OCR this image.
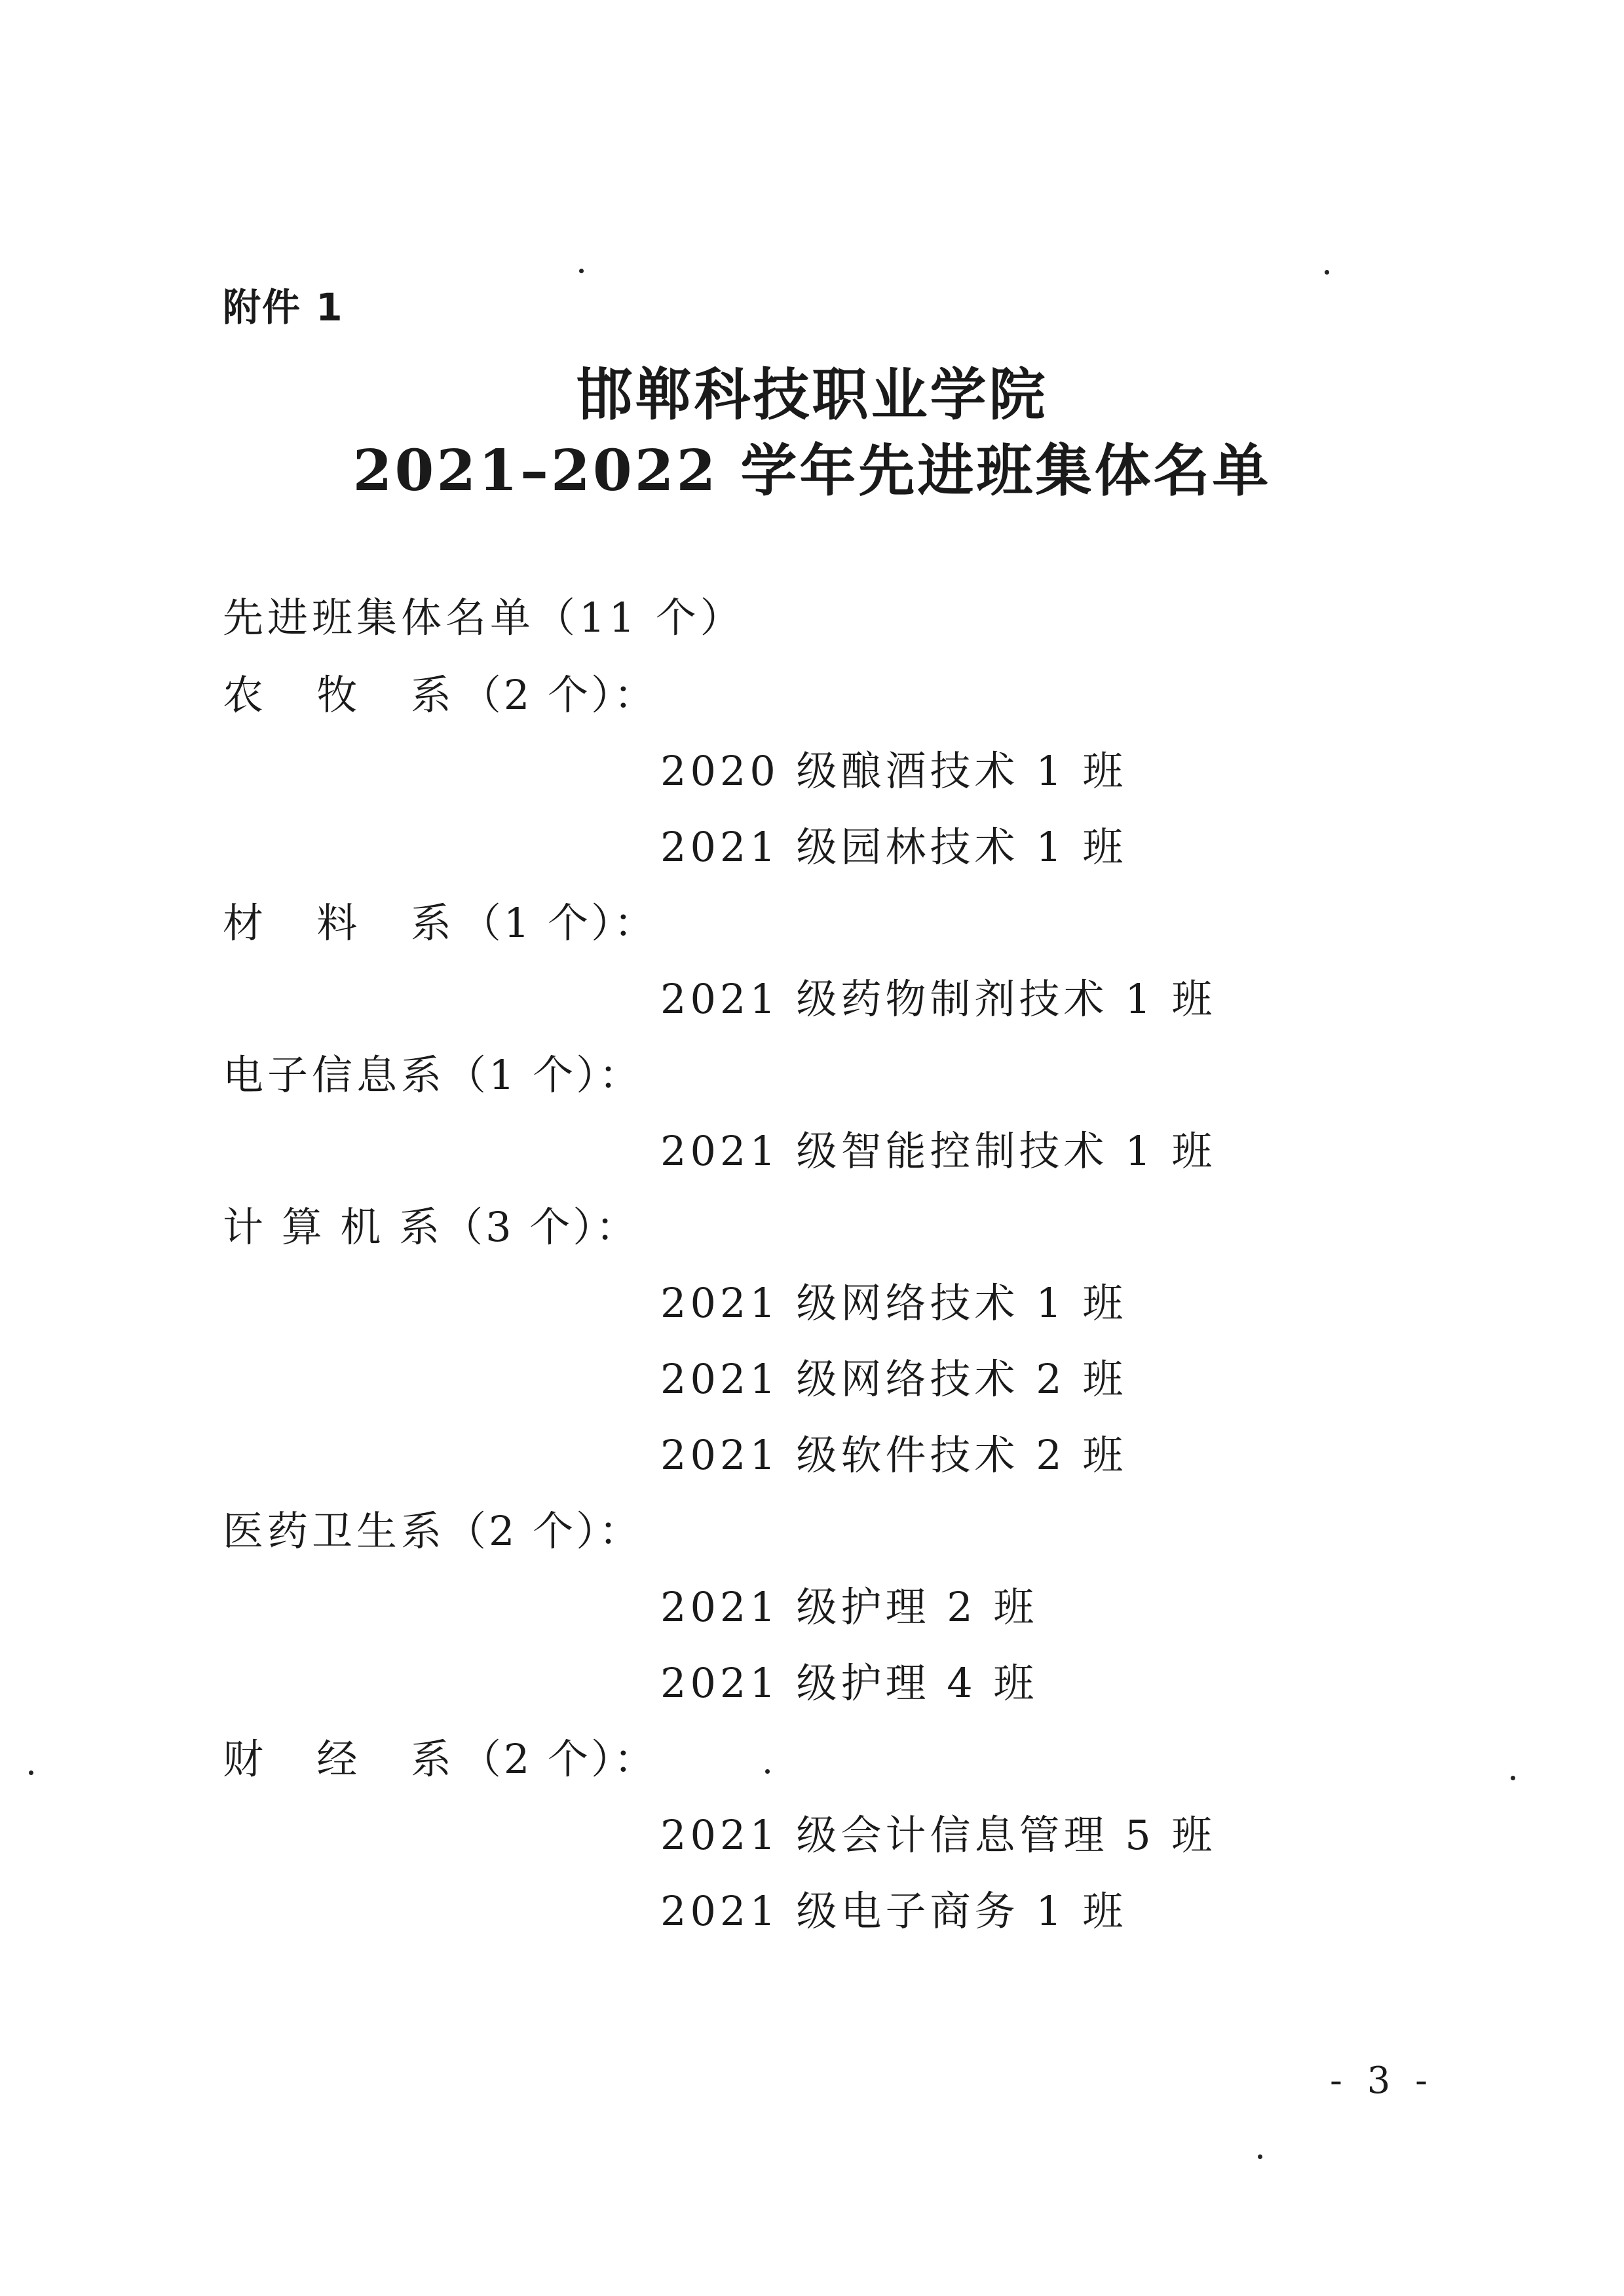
附件 1
邯郸科技职业学院
2021–2022 学年先进班集体名单
先进班集体名单（11 个）
农  牧  系（2 个）：
2020 级酿酒技术 1 班
2021 级园林技术 1 班
材  料  系（1 个）：
2021 级药物制剂技术 1 班
电子信息系（1 个）：
2021 级智能控制技术 1 班
计 算 机 系（3 个）：
2021 级网络技术 1 班
2021 级网络技术 2 班
2021 级软件技术 2 班
医药卫生系（2 个）：
2021 级护理 2 班
2021 级护理 4 班
财  经  系（2 个）：
2021 级会计信息管理 5 班
2021 级电子商务 1 班
- 3 -
